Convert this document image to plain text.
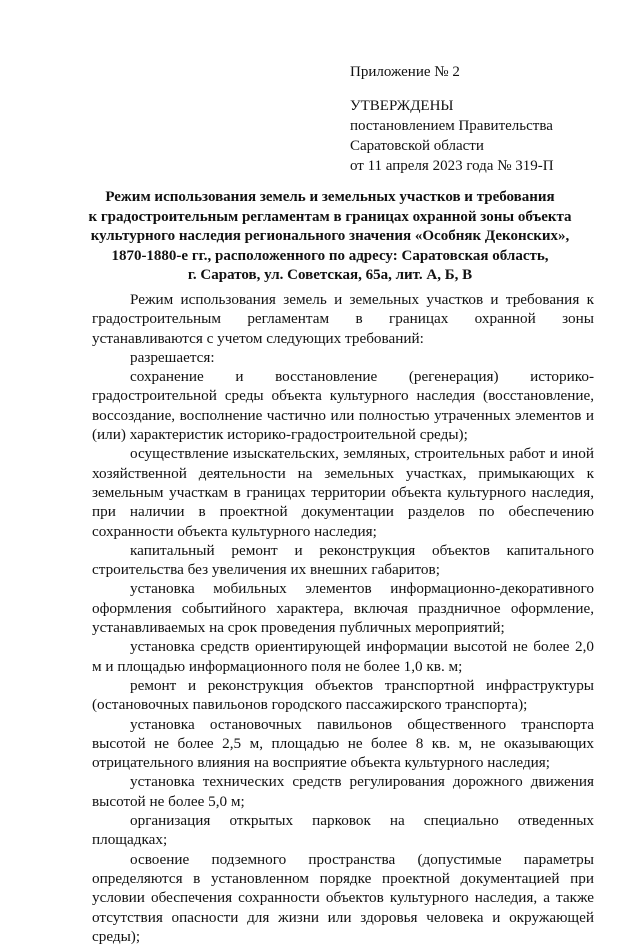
Приложение № 2
УТВЕРЖДЕНЫ
постановлением Правительства
Саратовской области
от 11 апреля 2023 года № 319-П
Режим использования земель и земельных участков и требования
к градостроительным регламентам в границах охранной зоны объекта
культурного наследия регионального значения «Особняк Деконских»,
1870-1880-е гг., расположенного по адресу: Саратовская область,
г. Саратов, ул. Советская, 65а, лит. А, Б, В

Режим использования земель и земельных участков и требования к градостроительным регламентам в границах охранной зоны устанавливаются с учетом следующих требований:

разрешается:

сохранение и восстановление (регенерация) историко-градостроительной среды объекта культурного наследия (восстановление, воссоздание, восполнение частично или полностью утраченных элементов и (или) характеристик историко-градостроительной среды);

осуществление изыскательских, земляных, строительных работ и иной хозяйственной деятельности на земельных участках, примыкающих к земельным участкам в границах территории объекта культурного наследия, при наличии в проектной документации разделов по обеспечению сохранности объекта культурного наследия;

капитальный ремонт и реконструкция объектов капитального строительства без увеличения их внешних габаритов;

установка мобильных элементов информационно-декоративного оформления событийного характера, включая праздничное оформление, устанавливаемых на срок проведения публичных мероприятий;

установка средств ориентирующей информации высотой не более 2,0 м и площадью информационного поля не более 1,0 кв. м;

ремонт и реконструкция объектов транспортной инфраструктуры (остановочных павильонов городского пассажирского транспорта);

установка остановочных павильонов общественного транспорта высотой не более 2,5 м, площадью не более 8 кв. м, не оказывающих отрицательного влияния на восприятие объекта культурного наследия;

установка технических средств регулирования дорожного движения высотой не более 5,0 м;

организация открытых парковок на специально отведенных площадках;

освоение подземного пространства (допустимые параметры определяются в установленном порядке проектной документацией при условии обеспечения сохранности объектов культурного наследия, а также отсутствия опасности для жизни или здоровья человека и окружающей среды);
